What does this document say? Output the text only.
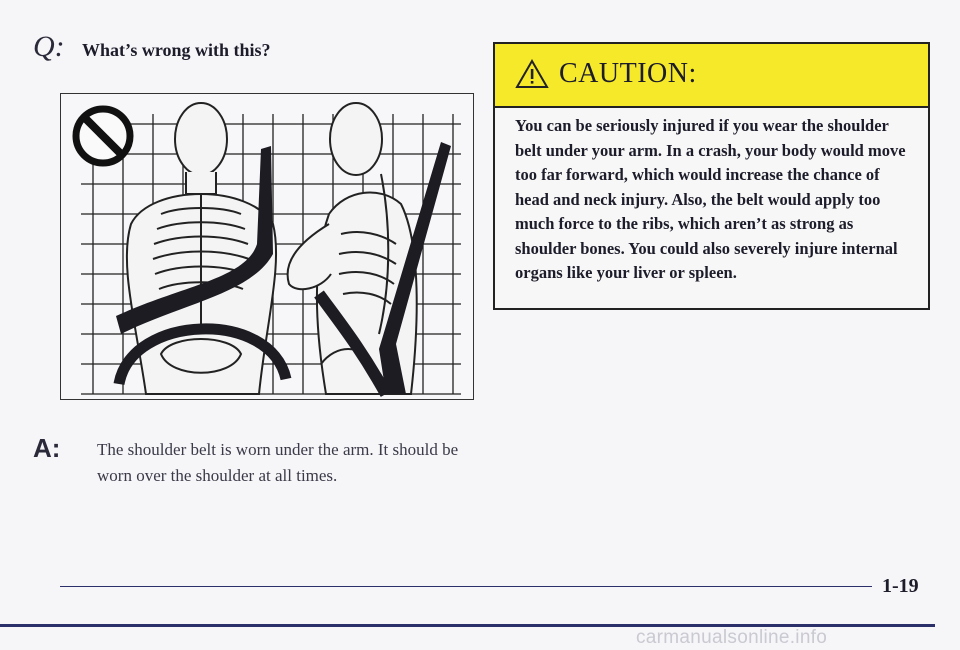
Q: What’s wrong with this?
A: The shoulder belt is worn under the arm. It should be worn over the shoulder at all times.
CAUTION:
You can be seriously injured if you wear the shoulder belt under your arm. In a crash, your body would move too far forward, which would increase the chance of head and neck injury. Also, the belt would apply too much force to the ribs, which aren’t as strong as shoulder bones. You could also severely injure internal organs like your liver or spleen.
1-19
carmanualsonline.info
